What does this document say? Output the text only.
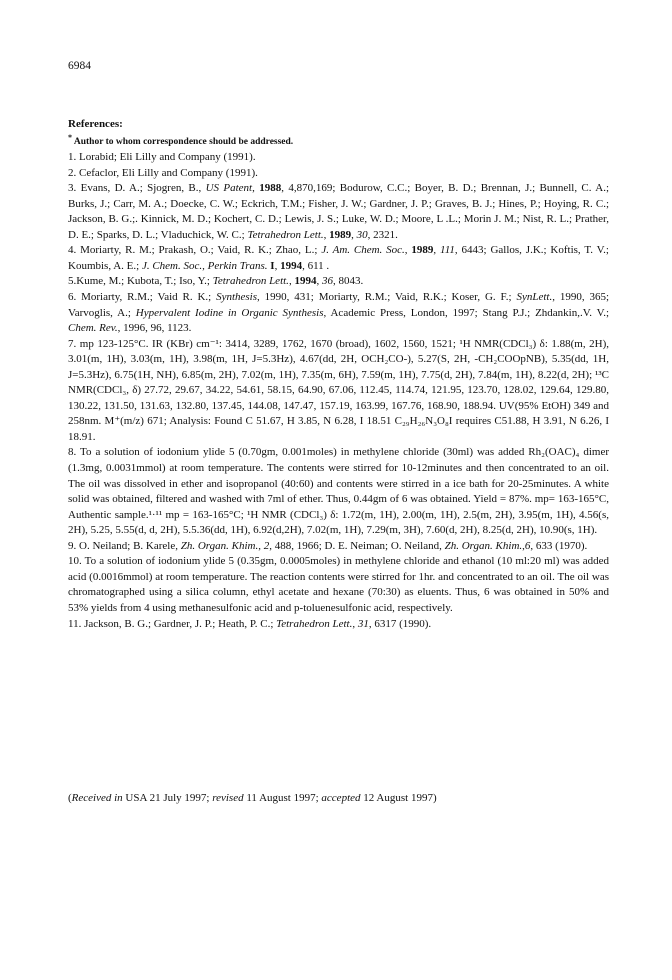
6984

References:

* Author to whom correspondence should be addressed.

1. Lorabid; Eli Lilly and Company (1991).

2. Cefaclor, Eli Lilly and Company (1991).

3. Evans, D. A.; Sjogren, B., US Patent, 1988, 4,870,169; Bodurow, C.C.; Boyer, B. D.; Brennan, J.; Bunnell, C. A.; Burks, J.; Carr, M. A.; Doecke, C. W.; Eckrich, T.M.; Fisher, J. W.; Gardner, J. P.; Graves, B. J.; Hines, P.; Hoying, R. C.; Jackson, B. G.;. Kinnick, M. D.; Kochert, C. D.; Lewis, J. S.; Luke, W. D.; Moore, L .L.; Morin J. M.; Nist, R. L.; Prather, D. E.; Sparks, D. L.; Vladuchick, W. C.; Tetrahedron Lett., 1989, 30, 2321.

4. Moriarty, R. M.; Prakash, O.; Vaid, R. K.; Zhao, L.; J. Am. Chem. Soc., 1989, 111, 6443; Gallos, J.K.; Koftis, T. V.; Koumbis, A. E.; J. Chem. Soc., Perkin Trans. I, 1994, 611 .

5.Kume, M.; Kubota, T.; Iso, Y.; Tetrahedron Lett., 1994, 36, 8043.

6. Moriarty, R.M.; Vaid R. K.; Synthesis, 1990, 431; Moriarty, R.M.; Vaid, R.K.; Koser, G. F.; SynLett., 1990, 365; Varvoglis, A.; Hypervalent Iodine in Organic Synthesis, Academic Press, London, 1997; Stang P.J.; Zhdankin,.V. V.; Chem. Rev., 1996, 96, 1123.

7. mp 123-125°C. IR (KBr) cm⁻¹: 3414, 3289, 1762, 1670 (broad), 1602, 1560, 1521; ¹H NMR(CDCl₃) δ: 1.88(m, 2H), 3.01(m, 1H), 3.03(m, 1H), 3.98(m, 1H, J=5.3Hz), 4.67(dd, 2H, OCH₂CO-), 5.27(S, 2H, -CH₂COOpNB), 5.35(dd, 1H, J=5.3Hz), 6.75(1H, NH), 6.85(m, 2H), 7.02(m, 1H), 7.35(m, 6H), 7.59(m, 1H), 7.75(d, 2H), 7.84(m, 1H), 8.22(d, 2H); ¹³C NMR(CDCl₃, δ) 27.72, 29.67, 34.22, 54.61, 58.15, 64.90, 67.06, 112.45, 114.74, 121.95, 123.70, 128.02, 129.64, 129.80, 130.22, 131.50, 131.63, 132.80, 137.45, 144.08, 147.47, 157.19, 163.99, 167.76, 168.90, 188.94. UV(95% EtOH) 349 and 258nm. M⁺(m/z) 671; Analysis: Found C 51.67, H 3.85, N 6.28, I 18.51 C₂₉H₂₆N₃O₈I requires C51.88, H 3.91, N 6.26, I 18.91.

8. To a solution of iodonium ylide 5 (0.70gm, 0.001moles) in methylene chloride (30ml) was added Rh₂(OAC)₄ dimer (1.3mg, 0.0031mmol) at room temperature. The contents were stirred for 10-12minutes and then concentrated to an oil. The oil was dissolved in ether and isopropanol (40:60) and contents were stirred in a ice bath for 20-25minutes. A white solid was obtained, filtered and washed with 7ml of ether. Thus, 0.44gm of 6 was obtained. Yield = 87%. mp= 163-165°C, Authentic sample.¹·¹¹ mp = 163-165°C; ¹H NMR (CDCl₃) δ: 1.72(m, 1H), 2.00(m, 1H), 2.5(m, 2H), 3.95(m, 1H), 4.56(s, 2H), 5.25, 5.55(d, d, 2H), 5.5.36(dd, 1H), 6.92(d,2H), 7.02(m, 1H), 7.29(m, 3H), 7.60(d, 2H), 8.25(d, 2H), 10.90(s, 1H).

9. O. Neiland; B. Karele, Zh. Organ. Khim., 2, 488, 1966; D. E. Neiman; O. Neiland, Zh. Organ. Khim.,6, 633 (1970).

10. To a solution of iodonium ylide 5 (0.35gm, 0.0005moles) in methylene chloride and ethanol (10 ml:20 ml) was added acid (0.0016mmol) at room temperature. The reaction contents were stirred for 1hr. and concentrated to an oil. The oil was chromatographed using a silica column, ethyl acetate and hexane (70:30) as eluents. Thus, 6 was obtained in 50% and 53% yields from 4 using methanesulfonic acid and p-toluenesulfonic acid, respectively.

11. Jackson, B. G.; Gardner, J. P.; Heath, P. C.; Tetrahedron Lett., 31, 6317 (1990).

(Received in USA 21 July 1997; revised 11 August 1997; accepted 12 August 1997)
